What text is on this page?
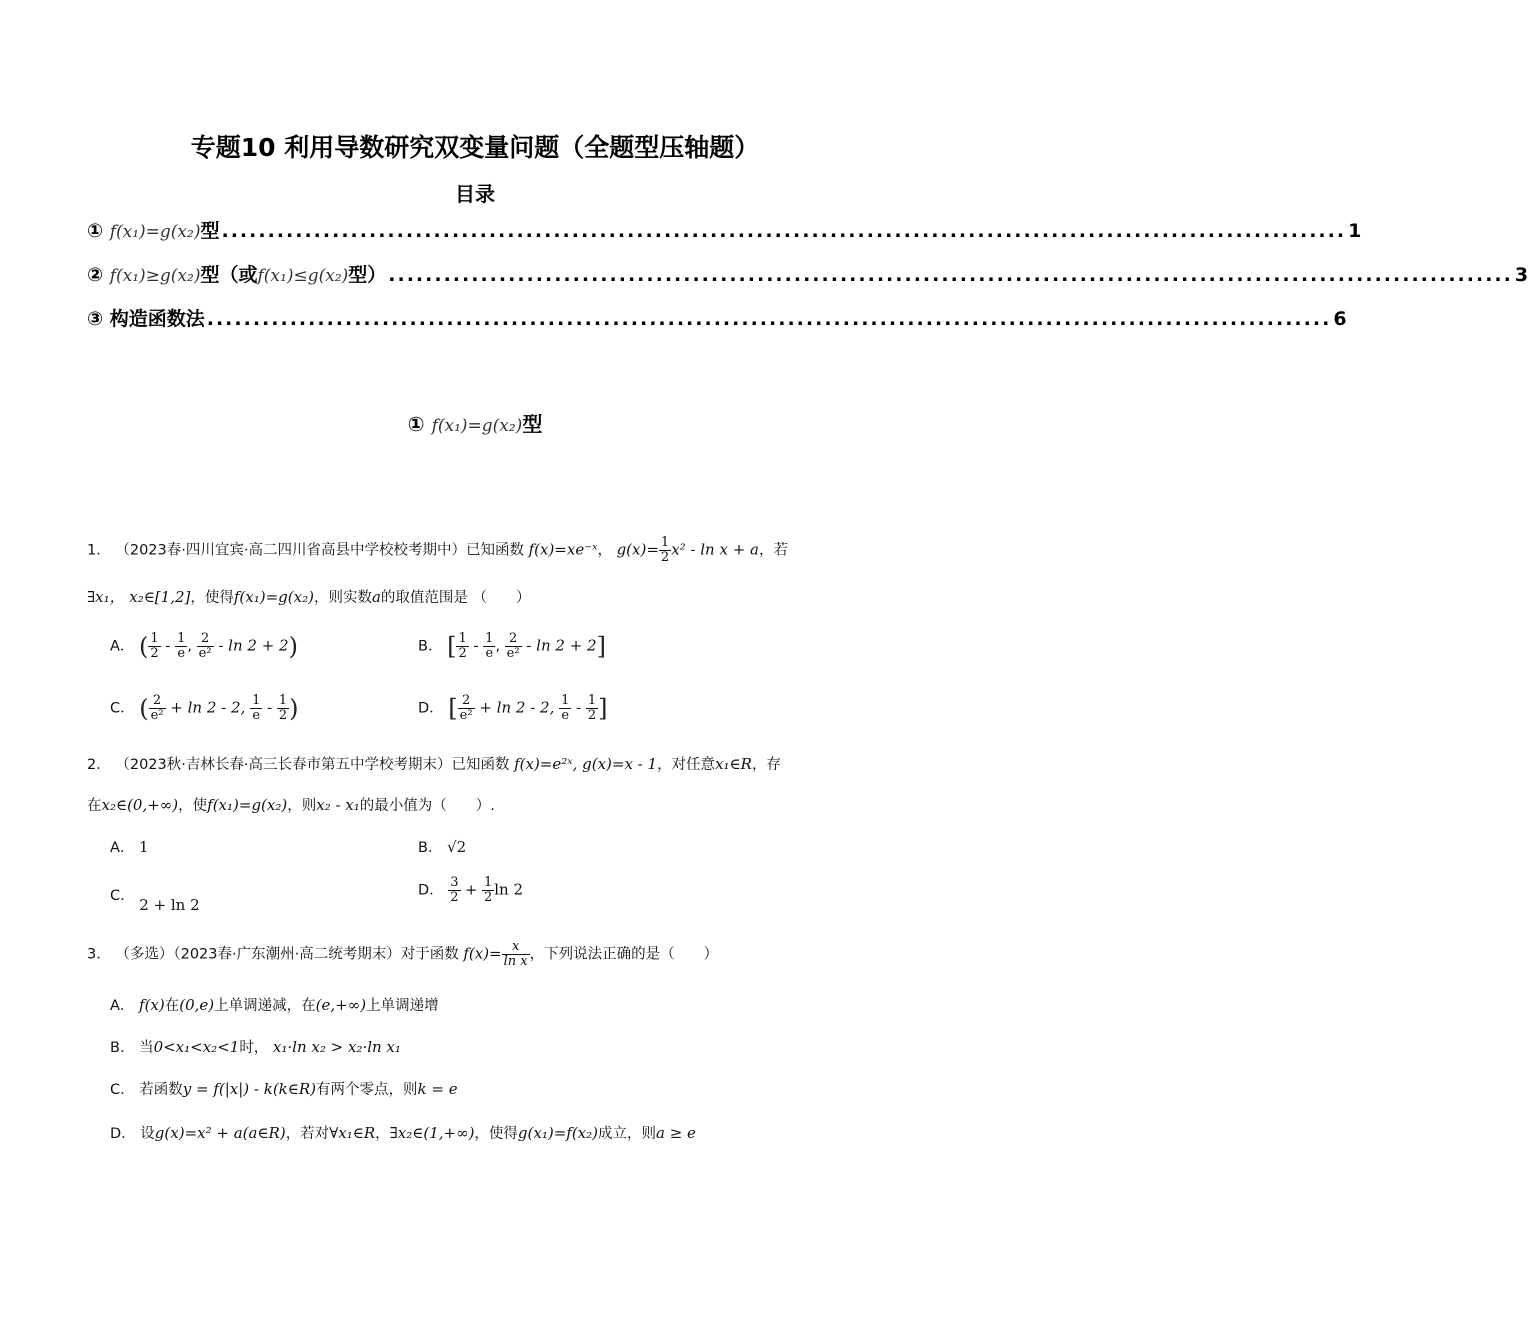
专题10 利用导数研究双变量问题（全题型压轴题）
目录
① f(x₁)=g(x₂)型 .......................................................................................................................... 1
② f(x₁)≥g(x₂)型（或f(x₁)≤g(x₂)型） .......................................................................................................................... 3
③ 构造函数法 .......................................................................................................................... 6
① f(x₁)=g(x₂)型
1． （2023春·四川宜宾·高二四川省高县中学校校考期中）已知函数 f(x)=xe⁻ˣ， $g(x)= \frac{1}{2} x^2 - \ln x + a$，若
∃x₁， x₂∈[1,2]，使得f(x₁)=g(x₂)，则实数a的取值范围是 （　　）
A． ( $\frac{1}{2} - \frac{1}{e}$ , $\frac{2}{\text{e²}} - \ln 2 + 2$)	B． [ $\frac{1}{2} - \frac{1}{e}$ , $\frac{2}{\text{e²}} - \ln 2 + 2$]
C． ( $\frac{2}{\text{e²}} + \ln 2 - 2$, $\frac{1}{e} - \frac{1}{2}$ )	D． [ $\frac{2}{\text{e²}} + \ln 2 - 2$, $\frac{1}{e} - \frac{1}{2}$ ]
2． （2023秋·吉林长春·高三长春市第五中学校考期末）已知函数 f(x)=e²ˣ, g(x)=x - 1，对任意x₁∈R，存
在x₂∈(0,+∞)，使f(x₁)=g(x₂)，则x₂ - x₁的最小值为（　　）.
A． 1	B． √2
C． 2 + ln 2
D． $\frac{3}{2} + \frac{1}{2}$ ln 2
3． （多选）（2023春·广东潮州·高二统考期末）对于函数 $f(x)= \frac{x}{\text{ln x}}$ ，下列说法正确的是（　　）
A． f(x)在(0,e)上单调递减，在(e,+∞)上单调递增
B． 当0<x₁<x₂<1时， x₁·ln x₂ > x₂·ln x₁
C． 若函数y = f(|x|) - k(k∈R)有两个零点，则k = e
D． 设g(x)=x² + a(a∈R)，若对∀x₁∈R，∃x₂∈(1,+∞)，使得g(x₁)=f(x₂)成立，则a ≥ e
